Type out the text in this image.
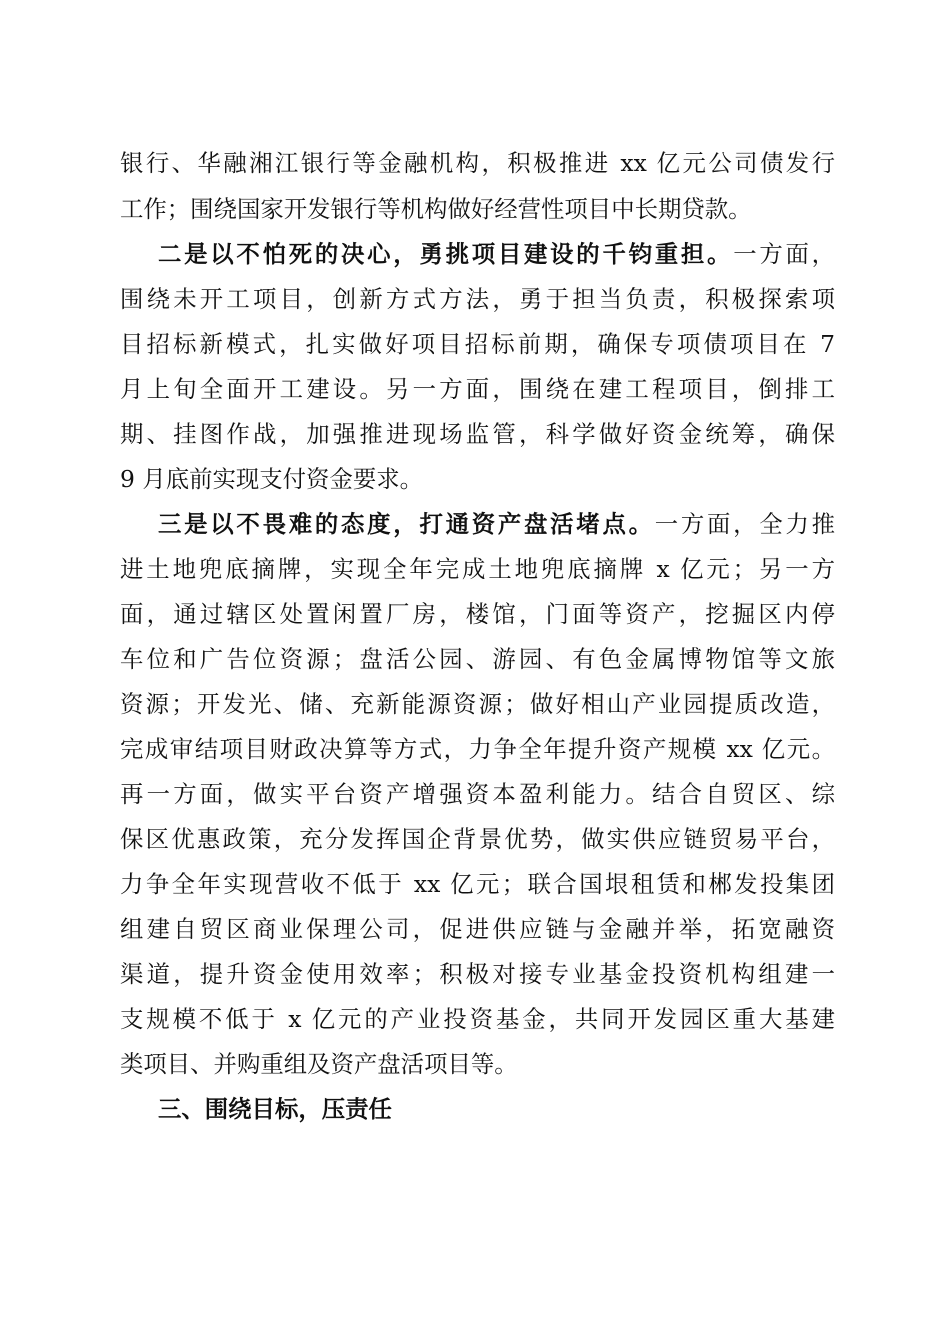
银行、华融湘江银行等金融机构，积极推进 xx 亿元公司债发行
工作；围绕国家开发银行等机构做好经营性项目中长期贷款。
二是以不怕死的决心，勇挑项目建设的千钧重担。一方面，
围绕未开工项目，创新方式方法，勇于担当负责，积极探索项
目招标新模式，扎实做好项目招标前期，确保专项债项目在 7
月上旬全面开工建设。另一方面，围绕在建工程项目，倒排工
期、挂图作战，加强推进现场监管，科学做好资金统筹，确保
9 月底前实现支付资金要求。
三是以不畏难的态度，打通资产盘活堵点。一方面，全力推
进土地兜底摘牌，实现全年完成土地兜底摘牌 x 亿元；另一方
面，通过辖区处置闲置厂房，楼馆，门面等资产，挖掘区内停
车位和广告位资源；盘活公园、游园、有色金属博物馆等文旅
资源；开发光、储、充新能源资源；做好相山产业园提质改造，
完成审结项目财政决算等方式，力争全年提升资产规模 xx 亿元。
再一方面，做实平台资产增强资本盈利能力。结合自贸区、综
保区优惠政策，充分发挥国企背景优势，做实供应链贸易平台，
力争全年实现营收不低于 xx 亿元；联合国垠租赁和郴发投集团
组建自贸区商业保理公司，促进供应链与金融并举，拓宽融资
渠道，提升资金使用效率；积极对接专业基金投资机构组建一
支规模不低于 x 亿元的产业投资基金，共同开发园区重大基建
类项目、并购重组及资产盘活项目等。
三、围绕目标，压责任
